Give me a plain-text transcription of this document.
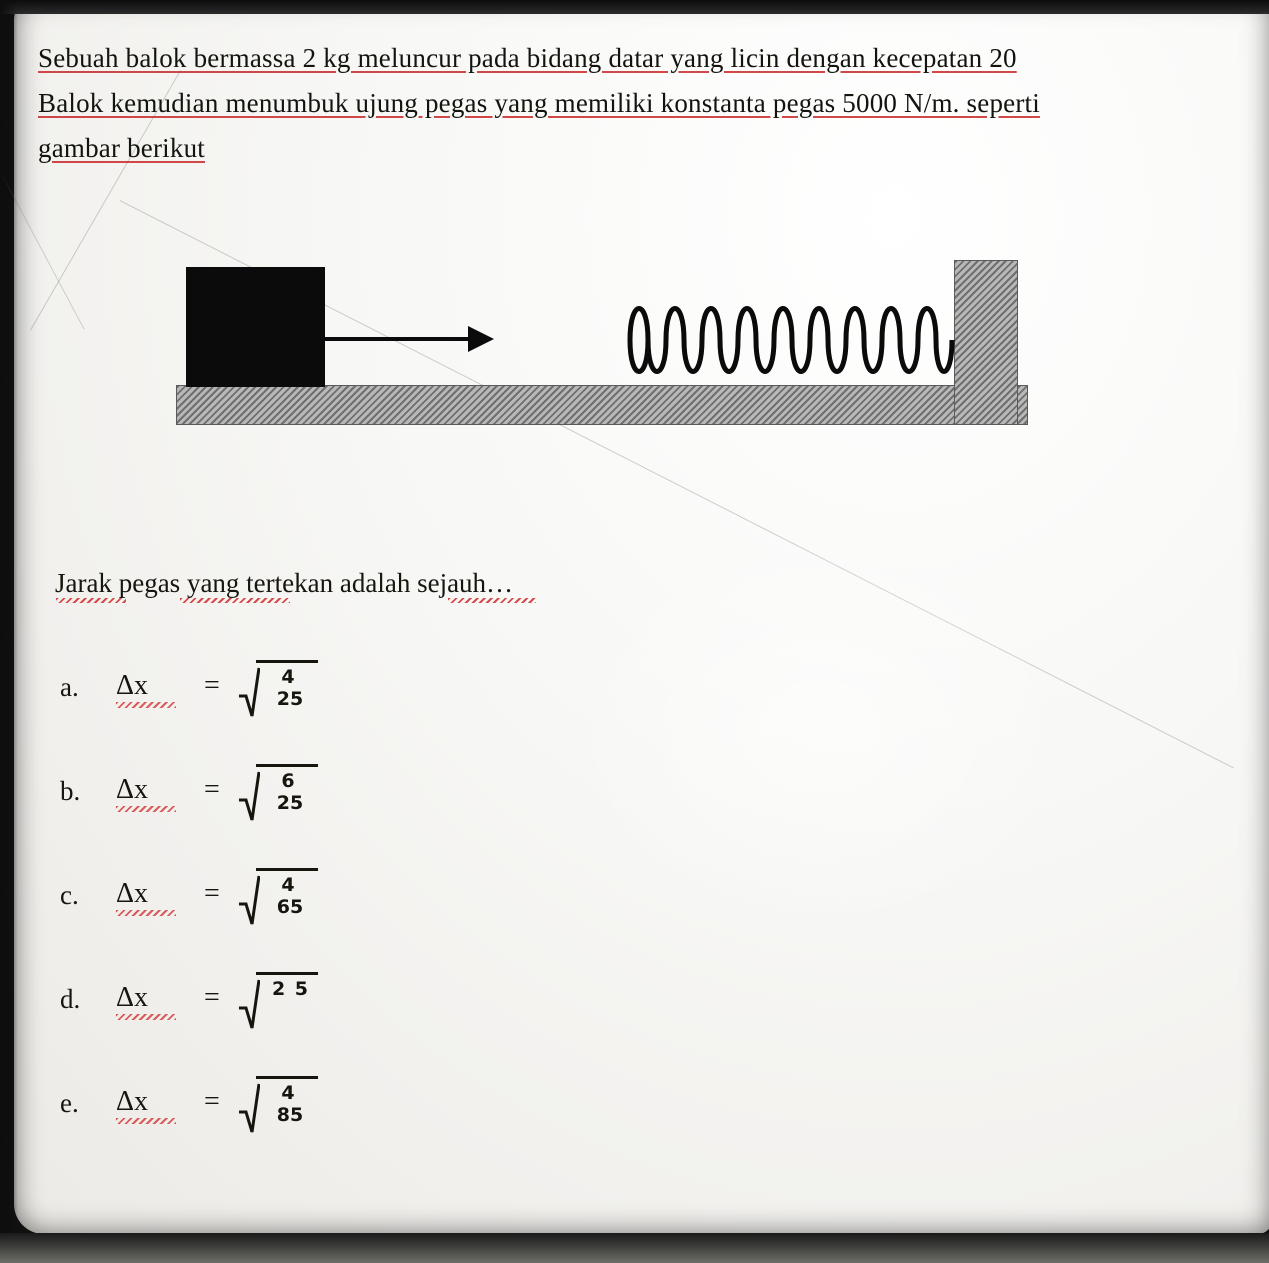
Sebuah balok bermassa 2 kg meluncur pada bidang datar yang licin dengan kecepatan 20
Balok kemudian menumbuk ujung pegas yang memiliki konstanta pegas 5000 N/m. seperti
gambar berikut
Jarak pegas yang tertekan adalah sejauh…
a. Δx =	4 25
b. Δx =	6 25
c. Δx =	4 65
d. Δx =	2 5
e. Δx =	4 85
